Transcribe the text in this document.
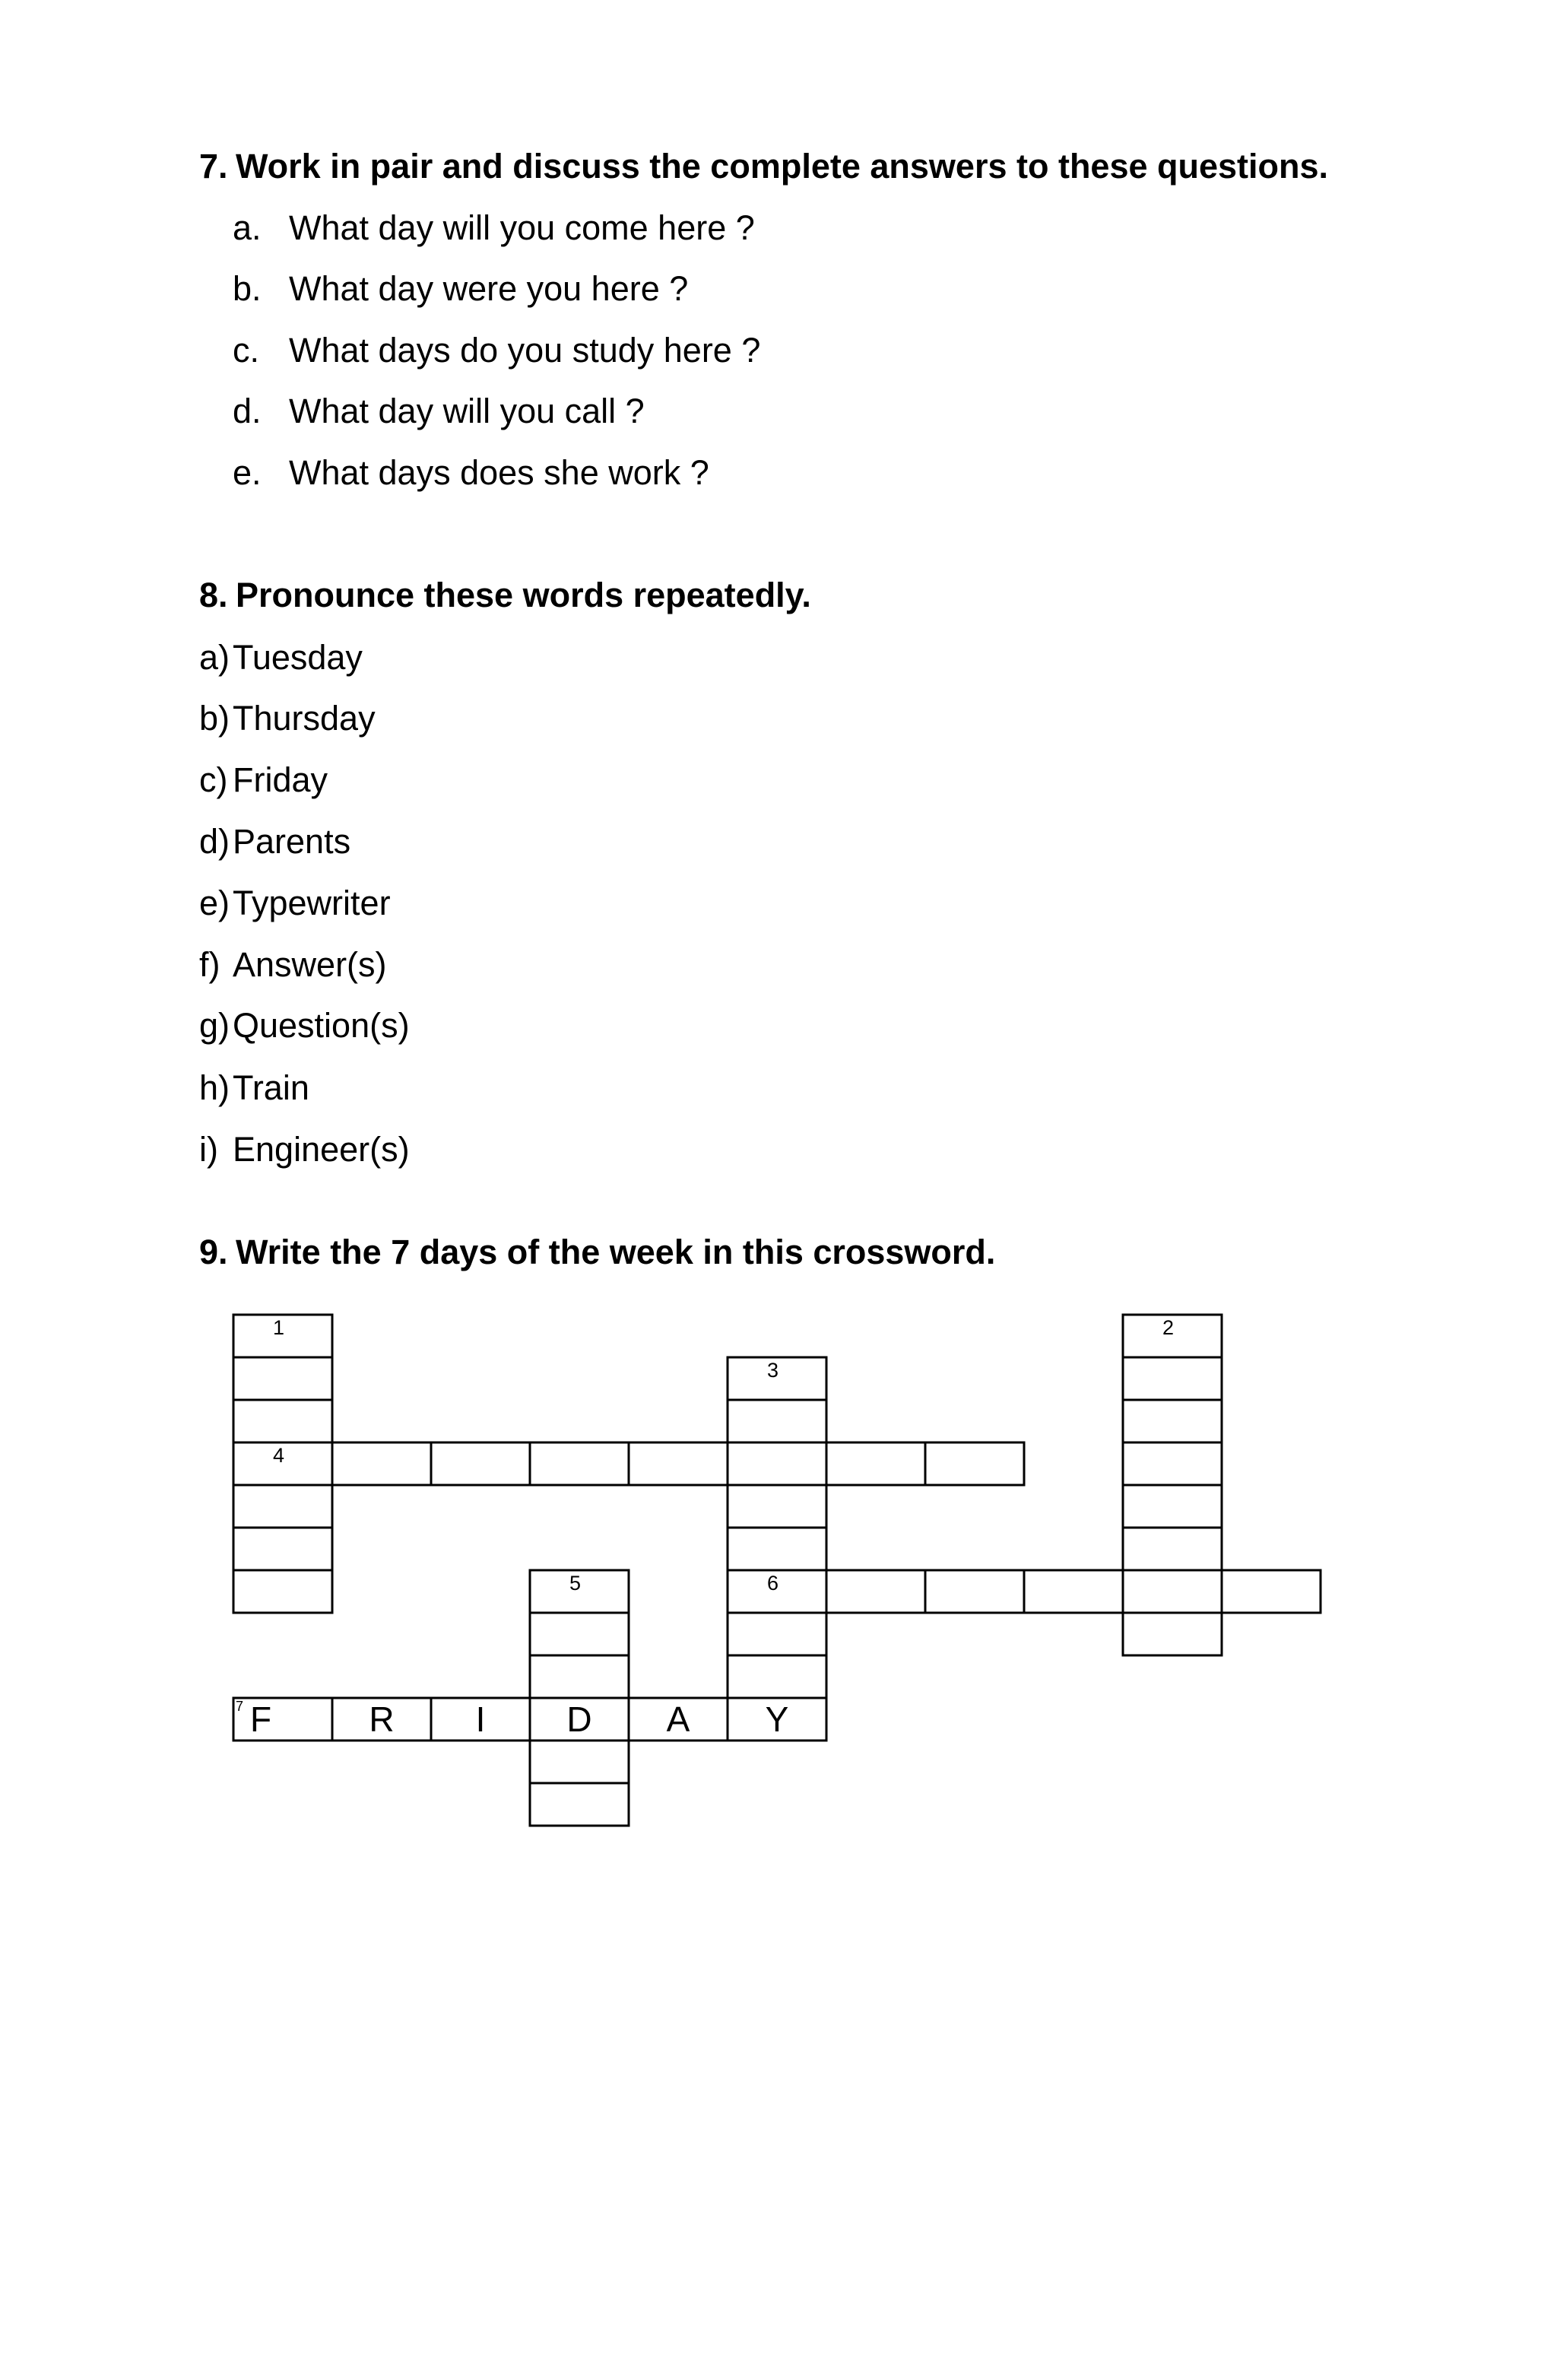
7. Work in pair and discuss the complete answers to these questions.
a. What day will you come here ?
b. What day were you here ?
c. What days do you study here ?
d. What day will you call ?
e. What days does she work ?
8. Pronounce these words repeatedly.
a) Tuesday
b) Thursday
c) Friday
d) Parents
e) Typewriter
f) Answer(s)
g) Question(s)
h) Train
i) Engineer(s)
9. Write the 7 days of the week in this crossword.
1
4
2
3
6
Y
5
D
7 F	R I	A
